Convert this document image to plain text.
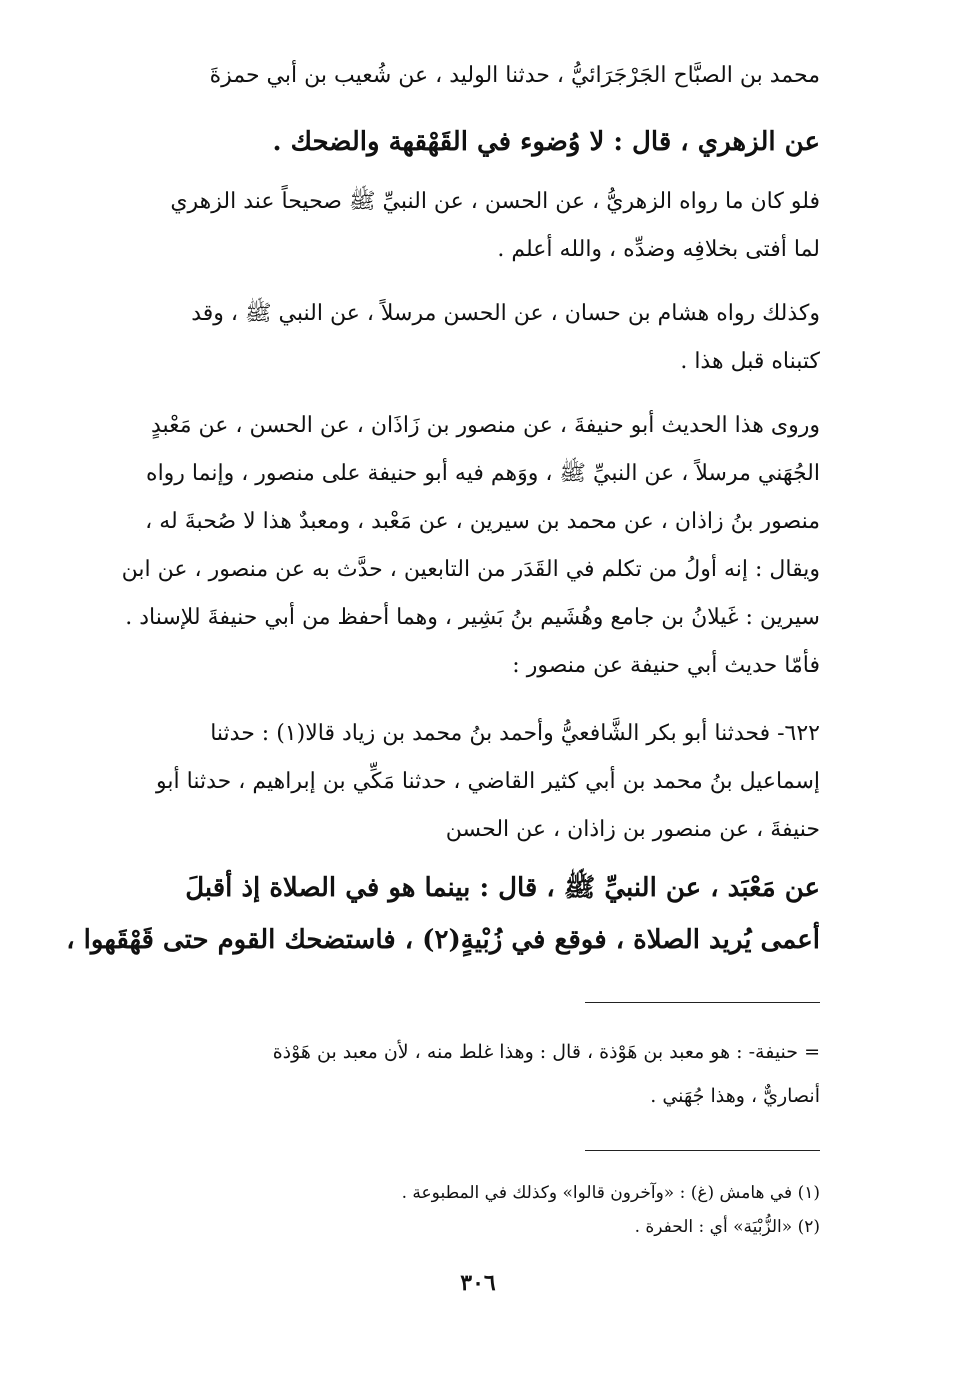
محمد بن الصبَّاح الجَرْجَرَائيُّ ، حدثنا الوليد ، عن شُعيب بن أبي حمزةَ
عن الزهري ، قال : لا وُضوء في القَهْقهة والضحك .
فلو كان ما رواه الزهريُّ ، عن الحسن ، عن النبيِّ ﷺ صحيحاً عند الزهري
لما أفتى بخلافِه وضدِّه ، والله أعلم .
وكذلك رواه هشام بن حسان ، عن الحسن مرسلاً ، عن النبي ﷺ ، وقد
كتبناه قبل هذا .
وروى هذا الحديث أبو حنيفةَ ، عن منصور بن زَاذَان ، عن الحسن ، عن مَعْبدٍ
الجُهَني مرسلاً ، عن النبيِّ ﷺ ، ووَهم فيه أبو حنيفة على منصور ، وإنما رواه
منصور بنُ زاذان ، عن محمد بن سيرين ، عن مَعْبد ، ومعبدٌ هذا لا صُحبةَ له ،
ويقال : إنه أولُ من تكلم في القَدَر من التابعين ، حدَّث به عن منصور ، عن ابن
سيرين : غَيلانُ بن جامع وهُشَيم بنُ بَشِير ، وهما أحفظ من أبي حنيفةَ للإسناد .
فأمّا حديث أبي حنيفة عن منصور :
٦٢٢- فحدثنا أبو بكر الشَّافعيُّ وأحمد بنُ محمد بن زياد قالا(١) : حدثنا
إسماعيل بنُ محمد بن أبي كثير القاضي ، حدثنا مَكِّي بن إبراهيم ، حدثنا أبو
حنيفةَ ، عن منصور بن زاذان ، عن الحسن
عن مَعْبَد ، عن النبيِّ ﷺ ، قال : بينما هو في الصلاة إذ أقبلَ
أعمى يُريد الصلاة ، فوقع في زُبْيةٍ(٢) ، فاستضحك القوم حتى قَهْقَهوا ،
= حنيفة- : هو معبد بن هَوْذة ، قال : وهذا غلط منه ، لأن معبد بن هَوْذة
أنصاريٌّ ، وهذا جُهَني .
(١) في هامش (غ) : «وآخرون قالوا» وكذلك في المطبوعة .
(٢) «الزُّبْيَة» أي : الحفرة .
٣٠٦
